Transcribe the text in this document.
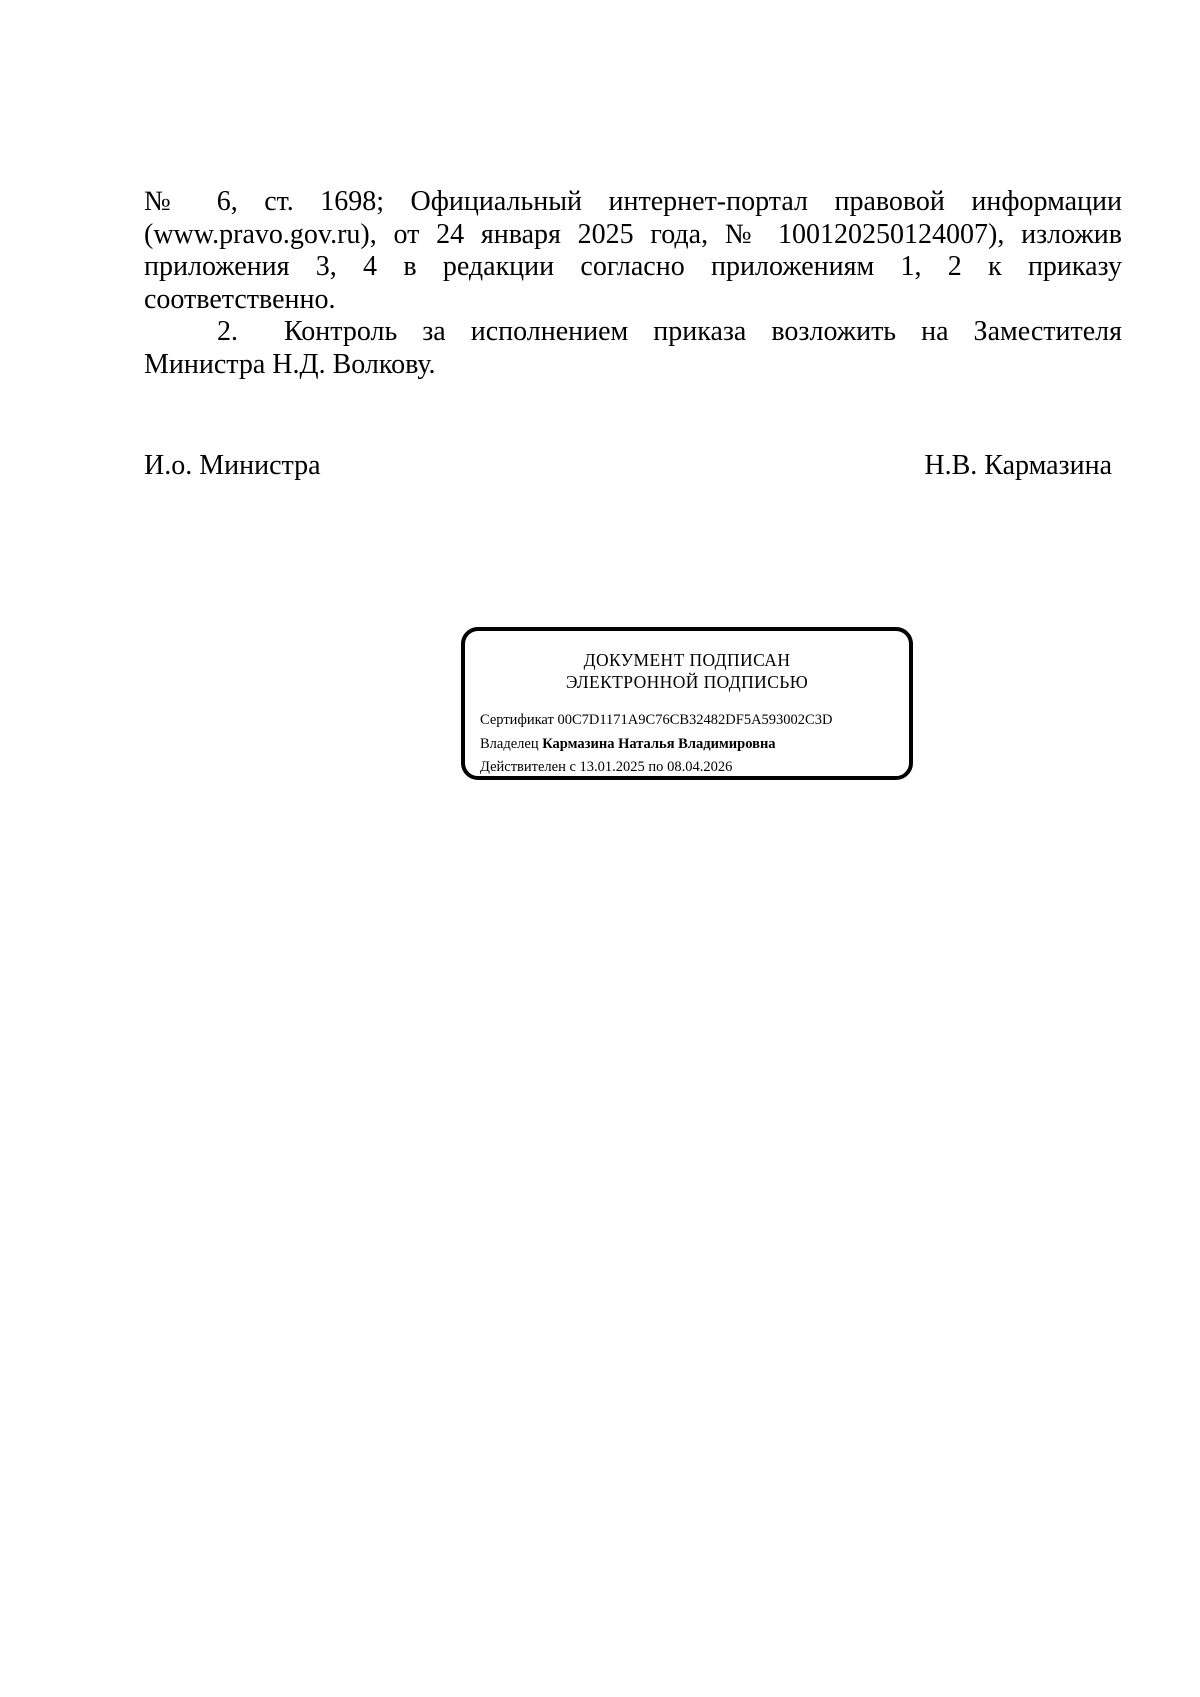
№ 6, ст. 1698; Официальный интернет-портал правовой информации (www.pravo.gov.ru), от 24 января 2025 года, № 100120250124007), изложив приложения 3, 4 в редакции согласно приложениям 1, 2 к приказу соответственно.

2. Контроль за исполнением приказа возложить на Заместителя Министра Н.Д. Волкову.

И.о. Министра	Н.В. Кармазина
ДОКУМЕНТ ПОДПИСАН
ЭЛЕКТРОННОЙ ПОДПИСЬЮ
Сертификат 00C7D1171A9C76CB32482DF5A593002C3D
Владелец Кармазина Наталья Владимировна
Действителен с 13.01.2025 по 08.04.2026
